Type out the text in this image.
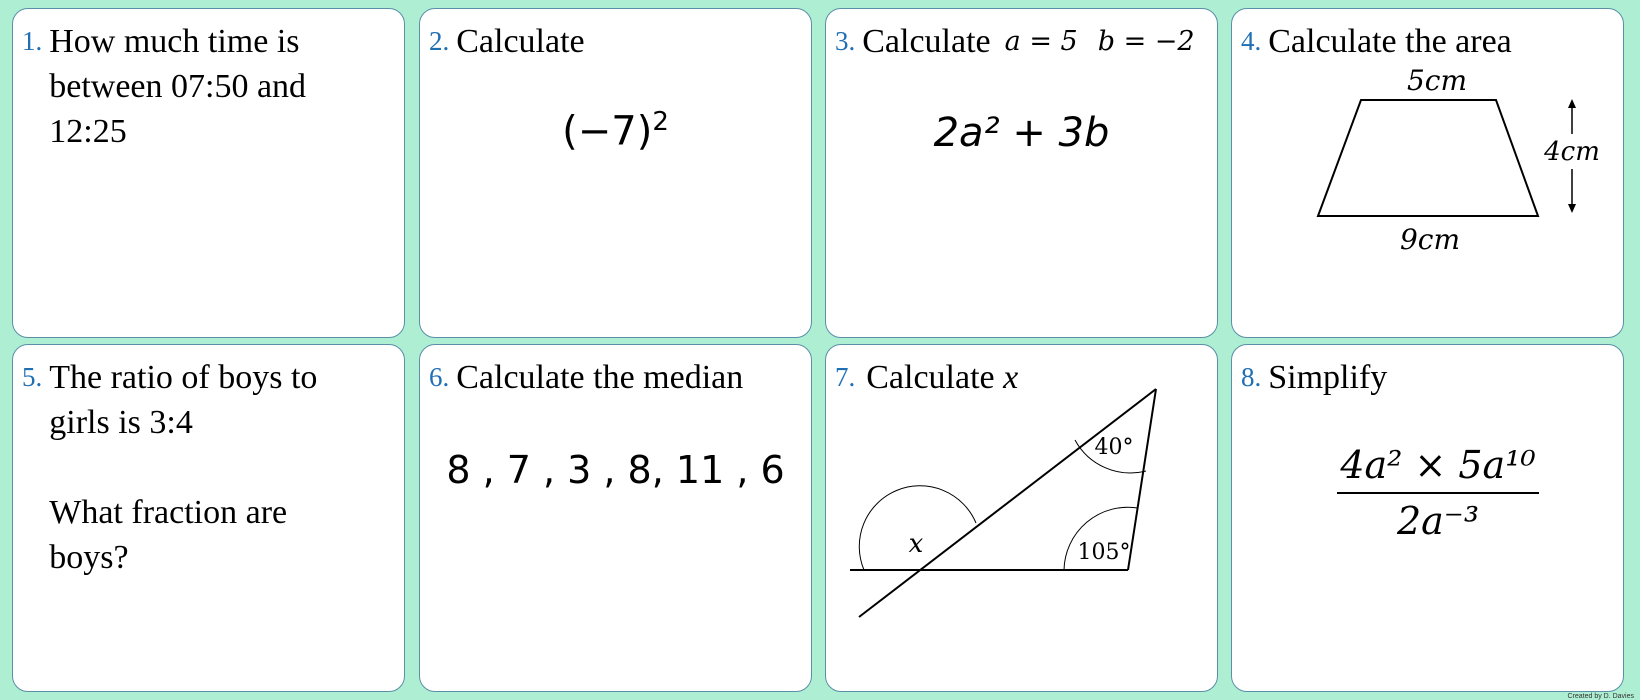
1. How much time is

between 07:50 and

12:25

2. Calculate
$(-7)^2$
3. Calculate a = 5 b = −2
2a² + 3b
4. Calculate the area
5cm
9cm
4cm
5. The ratio of boys to

girls is 3:4

What fraction are

boys?

6. Calculate the median
8 , 7 , 3 , 8, 11 , 6
7. Calculate x
x
40°
105°
8. Simplify
4a² × 5a¹⁰
2a⁻³
Created by D. Davies
